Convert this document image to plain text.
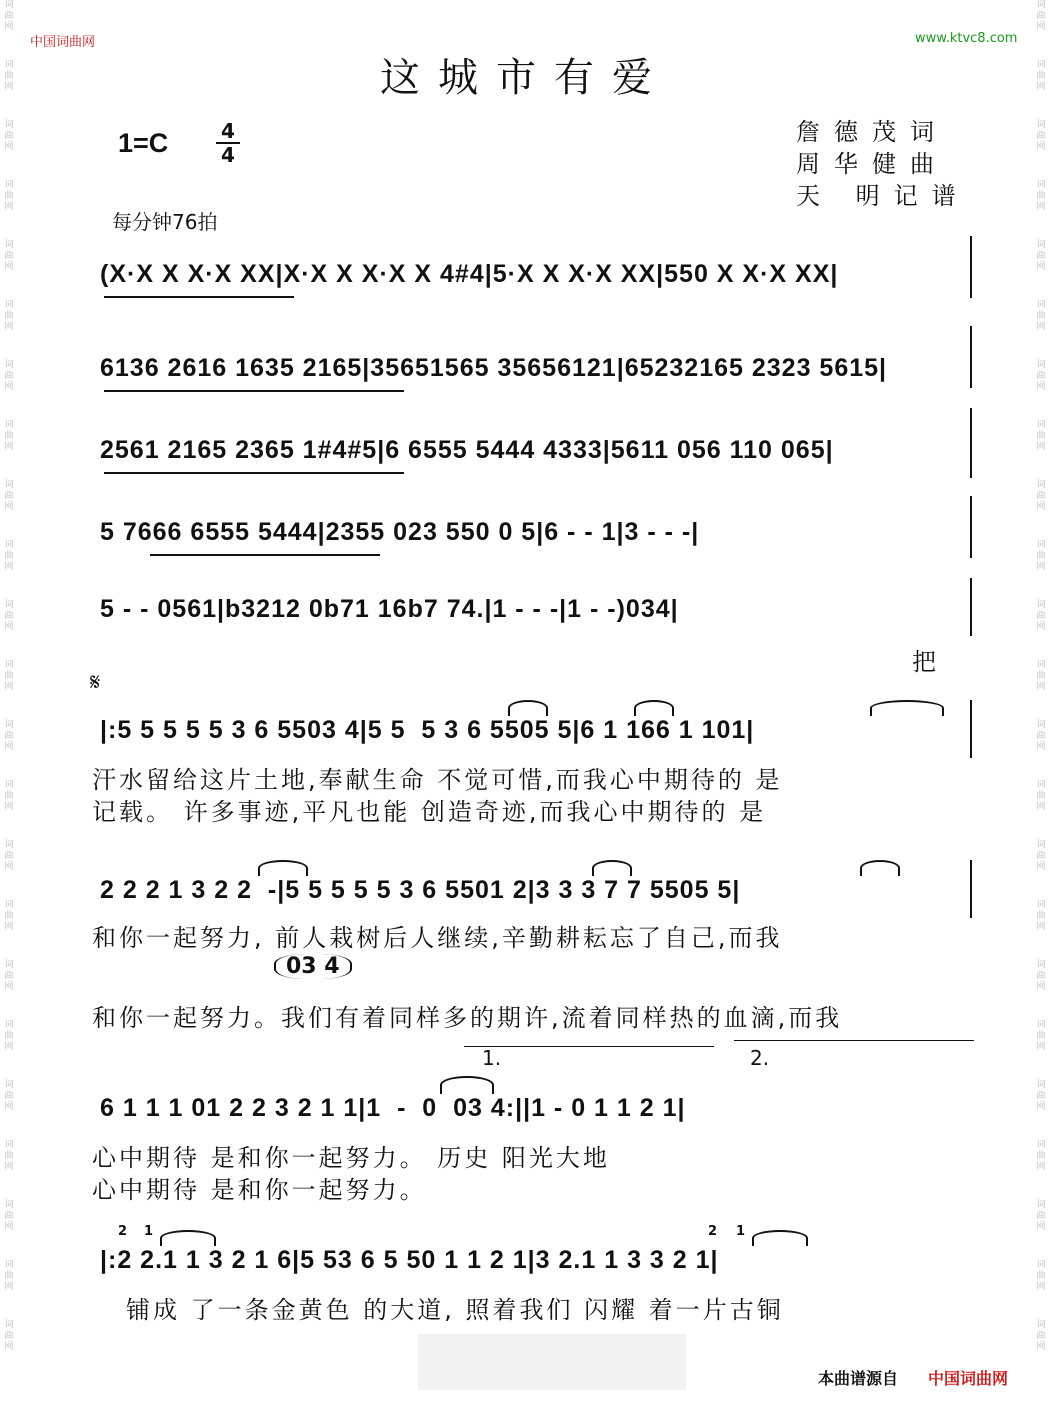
词曲网
词曲网
词曲网
词曲网
词曲网
词曲网
词曲网
词曲网
词曲网
词曲网
词曲网
词曲网
词曲网
词曲网
词曲网
词曲网
词曲网
词曲网
词曲网
词曲网
词曲网
词曲网
词曲网
词曲网
词曲网
词曲网
词曲网
词曲网
词曲网
词曲网
词曲网
词曲网
词曲网
词曲网
词曲网
词曲网
词曲网
词曲网
词曲网
词曲网
词曲网
词曲网
词曲网
词曲网
词曲网
词曲网
中国词曲网	www.ktvc8.com
这城市有爱
1=C	4
4
詹德茂词
周华健曲
天 明记谱
每分钟76拍
(X·X X X·X XX|X·X X X·X X 4#4|5·X X X·X XX|550 X X·X XX|
6136 2616 1635 2165|35651565 35656121|65232165 2323 5615|
2561 2165 2365 1#4#5|6 6555 5444 4333|5611 056 110 065|
5 7666 6555 5444|2355 023 550 0 5|6 - - 1|3 - - -|
5 - - 0561|b3212 0b71 16b7 74.|1 - - -|1 - -)034|
把
𝄋
|:5 5 5 5 5 3 6 5503 4|5 5  5 3 6 5505 5|6 1 166 1 101|
汗水留给这片土地,奉献生命 不觉可惜,而我心中期待的 是
记载。 许多事迹,平凡也能 创造奇迹,而我心中期待的 是
2 2 2 1 3 2 2  -|5 5 5 5 5 3 6 5501 2|3 3 3 7 7 5505 5|
和你一起努力, 前人栽树后人继续,辛勤耕耘忘了自己,而我
03 4
和你一起努力。我们有着同样多的期许,流着同样热的血滴,而我
1.	2.
6 1 1 1 01 2 2 3 2 1 1|1  -  0  03 4:||1 - 0 1 1 2 1|
心中期待 是和你一起努力。 历史 阳光大地
心中期待 是和你一起努力。
2 1	2 1
|:2 2.1 1 3 2 1 6|5 53 6 5 50 1 1 2 1|3 2.1 1 3 3 2 1|
铺成 了一条金黄色 的大道, 照着我们 闪耀 着一片古铜
本曲谱源自 中国词曲网
